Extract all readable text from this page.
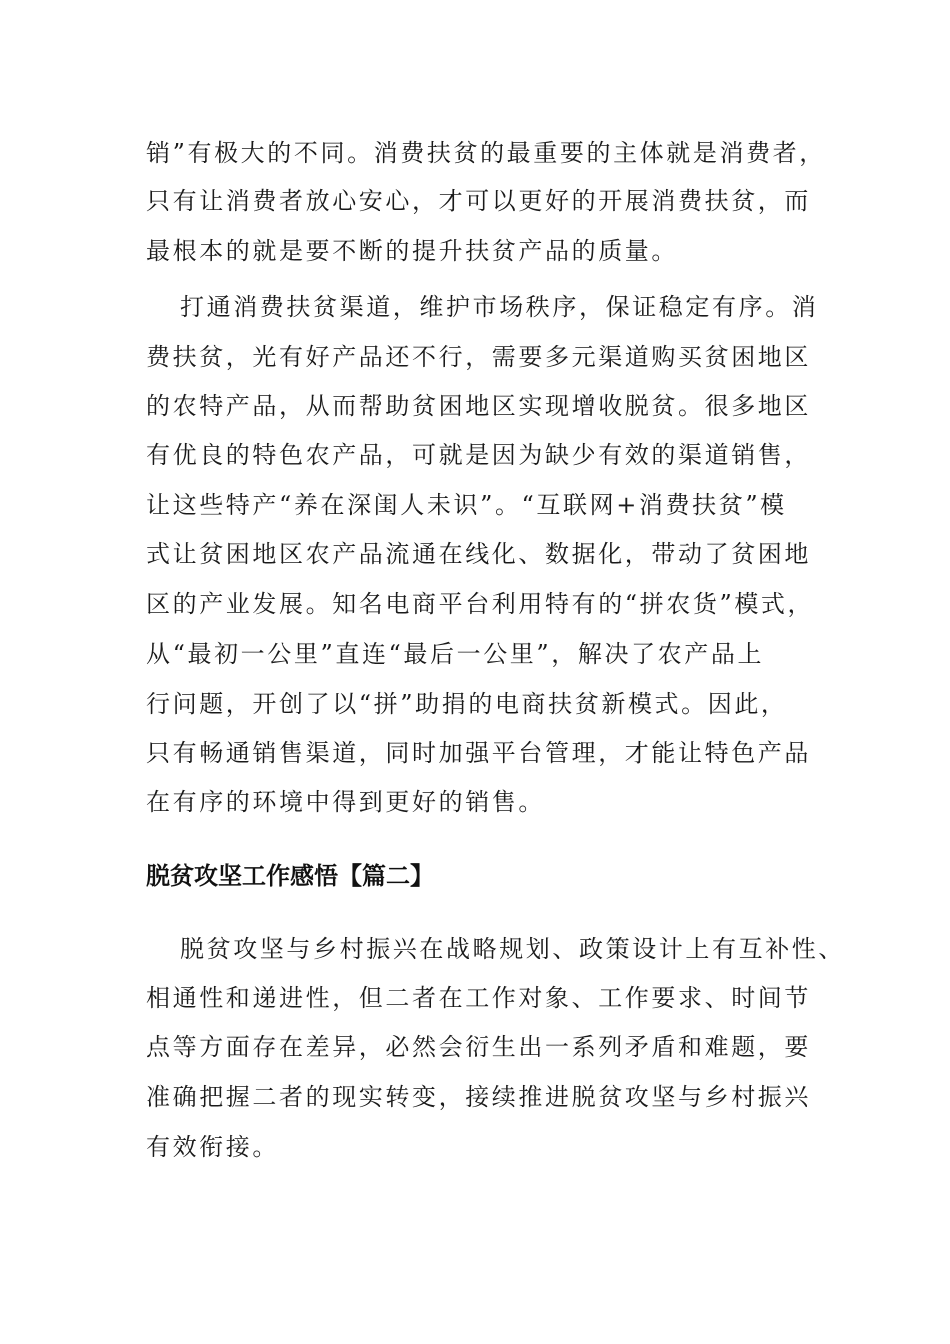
销”有极大的不同。消费扶贫的最重要的主体就是消费者，

只有让消费者放心安心，才可以更好的开展消费扶贫，而

最根本的就是要不断的提升扶贫产品的质量。

打通消费扶贫渠道，维护市场秩序，保证稳定有序。消

费扶贫，光有好产品还不行，需要多元渠道购买贫困地区

的农特产品，从而帮助贫困地区实现增收脱贫。很多地区

有优良的特色农产品，可就是因为缺少有效的渠道销售，

让这些特产“养在深闺人未识”。“互联网+消费扶贫”模

式让贫困地区农产品流通在线化、数据化，带动了贫困地

区的产业发展。知名电商平台利用特有的“拼农货”模式，

从“最初一公里”直连“最后一公里”，解决了农产品上

行问题，开创了以“拼”助捐的电商扶贫新模式。因此，

只有畅通销售渠道，同时加强平台管理，才能让特色产品

在有序的环境中得到更好的销售。

脱贫攻坚工作感悟【篇二】

脱贫攻坚与乡村振兴在战略规划、政策设计上有互补性、

相通性和递进性，但二者在工作对象、工作要求、时间节

点等方面存在差异，必然会衍生出一系列矛盾和难题，要

准确把握二者的现实转变，接续推进脱贫攻坚与乡村振兴

有效衔接。
